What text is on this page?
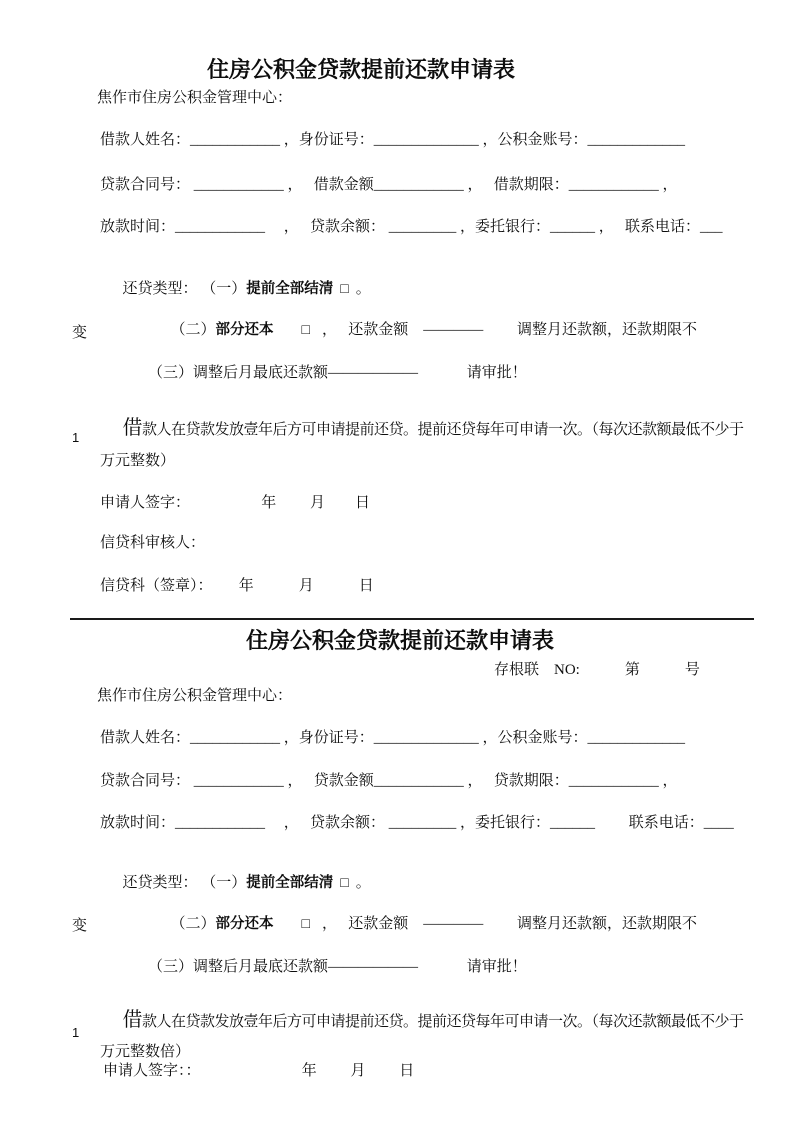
住房公积金贷款提前还款申请表
焦作市住房公积金管理中心：
借款人姓名：____________ ，身份证号：______________ ，公积金账号：_____________
贷款合同号： ____________ ，　 借款金额____________ ，　 借款期限：____________ ，
放款时间：____________ 　，　 贷款余额： _________ ，委托银行：______ ，　 联系电话：___

还贷类型： （一）提前全部结清 □ 。

（二）部分还本 □ ，　 还款金额　————　　 调整月还款额，还款期限不

变
（三）调整后月最底还款额——————　　　 请审批！

借款人在贷款发放壹年后方可申请提前还贷。提前还贷每年可申请一次。（每次还款额最低不少于

1
万元整数）
申请人签字：　　　　　 年　　 月　　日
信贷科审核人：
信贷科（签章）：　　 年　　　月　　　日
住房公积金贷款提前还款申请表
存根联　NO:　　　第　　　号
焦作市住房公积金管理中心：
借款人姓名：____________ ，身份证号：______________ ，公积金账号：_____________
贷款合同号： ____________ ，　 贷款金额____________ ，　 贷款期限：____________ ，
放款时间：____________ 　，　 贷款余额： _________ ，委托银行：______ 　　联系电话：____

还贷类型： （一）提前全部结清 □ 。

（二）部分还本 □ ，　 还款金额　————　　 调整月还款额，还款期限不

变
（三）调整后月最底还款额——————　　　 请审批！

借款人在贷款发放壹年后方可申请提前还贷。提前还贷每年可申请一次。（每次还款额最低不少于

1
万元整数倍）
申请人签字：：　　　　　　　 年　　 月　　 日
